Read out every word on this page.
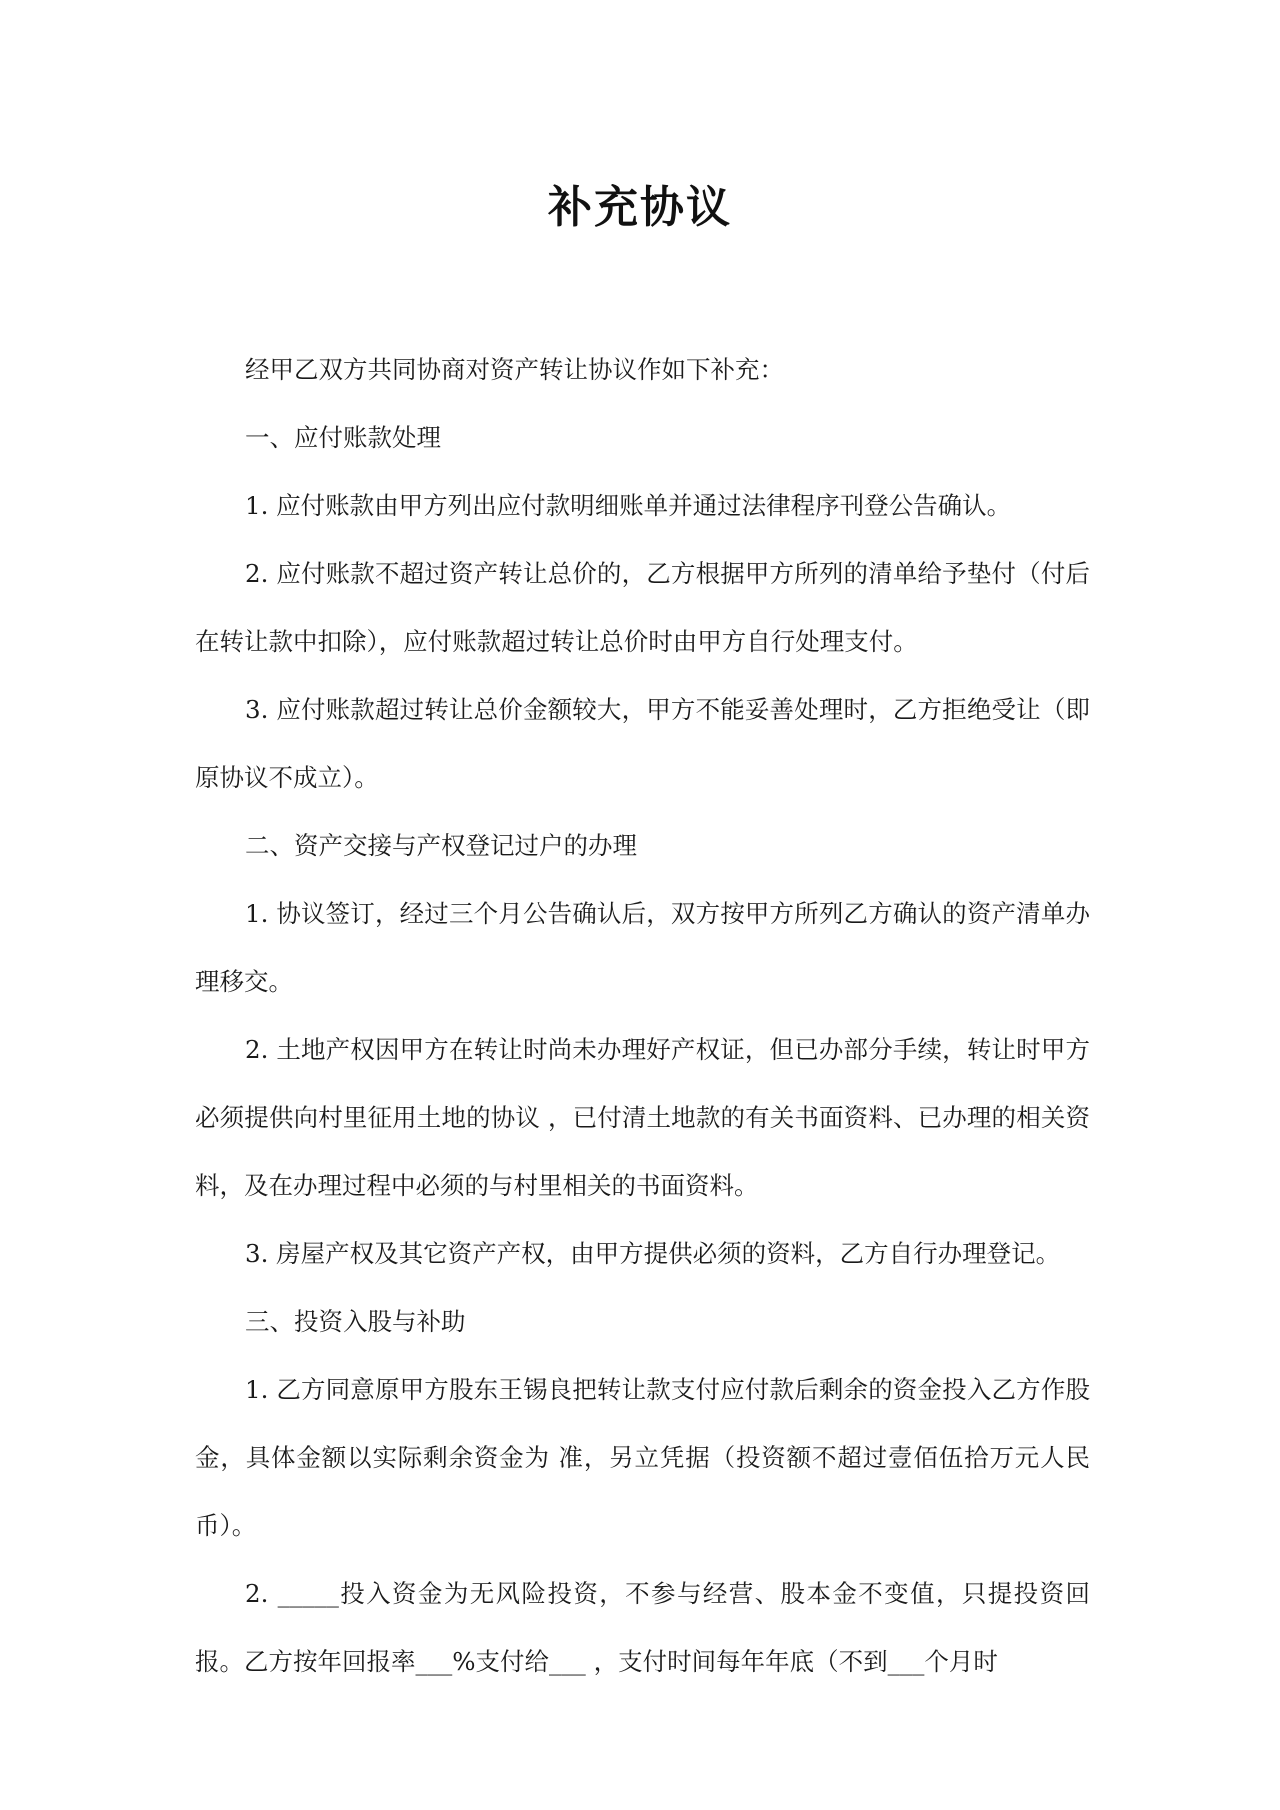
补充协议

经甲乙双方共同协商对资产转让协议作如下补充：

一、应付账款处理

1. 应付账款由甲方列出应付款明细账单并通过法律程序刊登公告确认。

2. 应付账款不超过资产转让总价的，乙方根据甲方所列的清单给予垫付（付后在转让款中扣除），应付账款超过转让总价时由甲方自行处理支付。

3. 应付账款超过转让总价金额较大，甲方不能妥善处理时，乙方拒绝受让（即原协议不成立）。

二、资产交接与产权登记过户的办理

1. 协议签订，经过三个月公告确认后，双方按甲方所列乙方确认的资产清单办理移交。

2. 土地产权因甲方在转让时尚未办理好产权证，但已办部分手续，转让时甲方必须提供向村里征用土地的协议 ，已付清土地款的有关书面资料、已办理的相关资料，及在办理过程中必须的与村里相关的书面资料。

3. 房屋产权及其它资产产权，由甲方提供必须的资料，乙方自行办理登记。

三、投资入股与补助

1. 乙方同意原甲方股东王锡良把转让款支付应付款后剩余的资金投入乙方作股金，具体金额以实际剩余资金为 准，另立凭据（投资额不超过壹佰伍拾万元人民币）。

2. _____投入资金为无风险投资，不参与经营、股本金不变值，只提投资回报。乙方按年回报率___%支付给___ ，支付时间每年年底（不到___个月时
